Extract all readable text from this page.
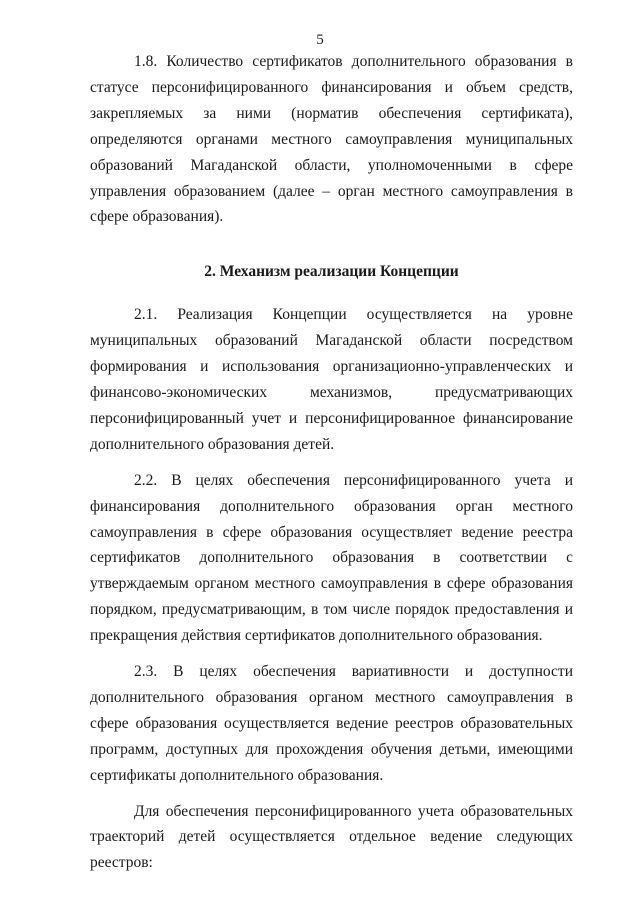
5

1.8. Количество сертификатов дополнительного образования в статусе персонифицированного финансирования и объем средств, закрепляемых за ними (норматив обеспечения сертификата), определяются органами местного самоуправления муниципальных образований Магаданской области, уполномоченными в сфере управления образованием (далее – орган местного самоуправления в сфере образования).

2. Механизм реализации Концепции

2.1. Реализация Концепции осуществляется на уровне муниципальных образований Магаданской области посредством формирования и использования организационно-управленческих и финансово-экономических механизмов, предусматривающих персонифицированный учет и персонифицированное финансирование дополнительного образования детей.

2.2. В целях обеспечения персонифицированного учета и финансирования дополнительного образования орган местного самоуправления в сфере образования осуществляет ведение реестра сертификатов дополнительного образования в соответствии с утверждаемым органом местного самоуправления в сфере образования порядком, предусматривающим, в том числе порядок предоставления и прекращения действия сертификатов дополнительного образования.

2.3. В целях обеспечения вариативности и доступности дополнительного образования органом местного самоуправления в сфере образования осуществляется ведение реестров образовательных программ, доступных для прохождения обучения детьми, имеющими сертификаты дополнительного образования.

Для обеспечения персонифицированного учета образовательных траекторий детей осуществляется отдельное ведение следующих реестров:
